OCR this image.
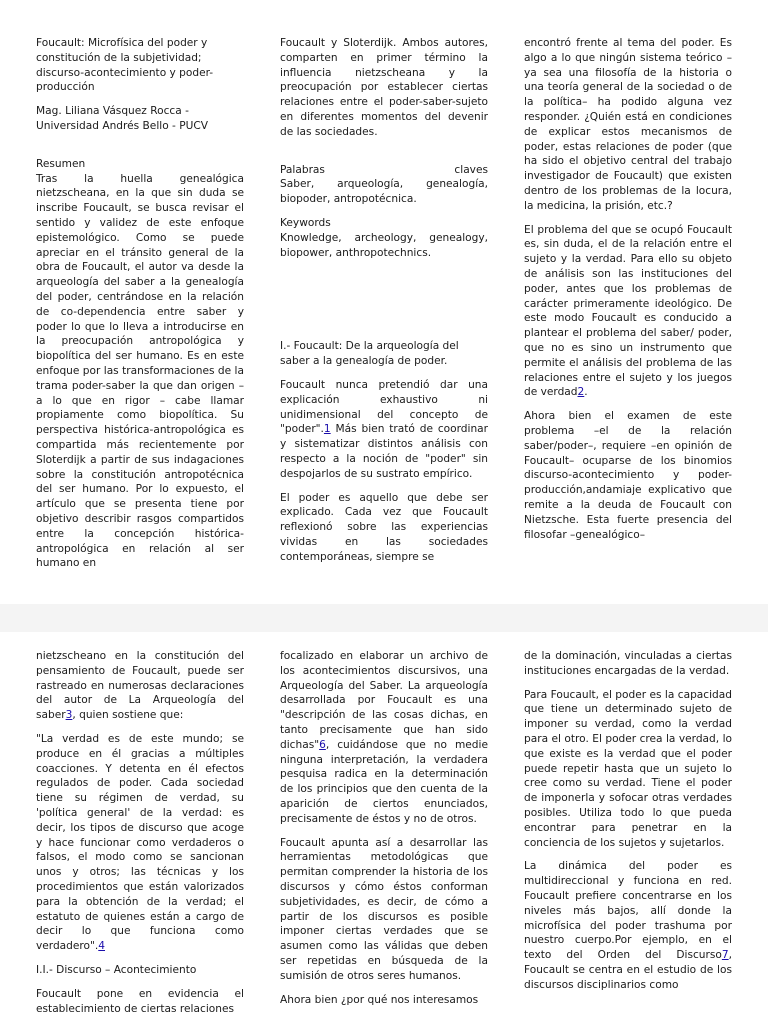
Foucault: Microfísica del poder y constitución de la subjetividad; discurso-acontecimiento y poder-producción

Mag. Liliana Vásquez Rocca - Universidad Andrés Bello - PUCV

Resumen

Tras la huella genealógica nietzscheana, en la que sin duda se inscribe Foucault, se busca revisar el sentido y validez de este enfoque epistemológico. Como se puede apreciar en el tránsito general de la obra de Foucault, el autor va desde la arqueología del saber a la genealogía del poder, centrándose en la relación de co-dependencia entre saber y poder lo que lo lleva a introducirse en la preocupación antropológica y biopolítica del ser humano. Es en este enfoque por las transformaciones de la trama poder-saber la que dan origen –a lo que en rigor – cabe llamar propiamente como biopolítica. Su perspectiva histórica-antropológica es compartida más recientemente por Sloterdijk a partir de sus indagaciones sobre la constitución antropotécnica del ser humano. Por lo expuesto, el artículo que se presenta tiene por objetivo describir rasgos compartidos entre la concepción histórica-antropológica en relación al ser humano en

Foucault y Sloterdijk. Ambos autores, comparten en primer término la influencia nietzscheana y la preocupación por establecer ciertas relaciones entre el poder-saber-sujeto en diferentes momentos del devenir de las sociedades.

Palabras claves

Saber, arqueología, genealogía, biopoder, antropotécnica.

Keywords

Knowledge, archeology, genealogy, biopower, anthropotechnics.

I.- Foucault: De la arqueología del saber a la genealogía de poder.

Foucault nunca pretendió dar una explicación exhaustivo ni unidimensional del concepto de "poder".1 Más bien trató de coordinar y sistematizar distintos análisis con respecto a la noción de "poder" sin despojarlos de su sustrato empírico.

El poder es aquello que debe ser explicado. Cada vez que Foucault reflexionó sobre las experiencias vividas en las sociedades contemporáneas, siempre se

encontró frente al tema del poder. Es algo a lo que ningún sistema teórico –ya sea una filosofía de la historia o una teoría general de la sociedad o de la política– ha podido alguna vez responder. ¿Quién está en condiciones de explicar estos mecanismos de poder, estas relaciones de poder (que ha sido el objetivo central del trabajo investigador de Foucault) que existen dentro de los problemas de la locura, la medicina, la prisión, etc.?

El problema del que se ocupó Foucault es, sin duda, el de la relación entre el sujeto y la verdad. Para ello su objeto de análisis son las instituciones del poder, antes que los problemas de carácter primeramente ideológico. De este modo Foucault es conducido a plantear el problema del saber/ poder, que no es sino un instrumento que permite el análisis del problema de las relaciones entre el sujeto y los juegos de verdad2.

Ahora bien el examen de este problema –el de la relación saber/poder–, requiere –en opinión de Foucault– ocuparse de los binomios discurso-acontecimiento y poder-producción,andamiaje explicativo que remite a la deuda de Foucault con Nietzsche. Esta fuerte presencia del filosofar –genealógico–

nietzscheano en la constitución del pensamiento de Foucault, puede ser rastreado en numerosas declaraciones del autor de La Arqueología del saber3, quien sostiene que:

"La verdad es de este mundo; se produce en él gracias a múltiples coacciones. Y detenta en él efectos regulados de poder. Cada sociedad tiene su régimen de verdad, su 'política general' de la verdad: es decir, los tipos de discurso que acoge y hace funcionar como verdaderos o falsos, el modo como se sancionan unos y otros; las técnicas y los procedimientos que están valorizados para la obtención de la verdad; el estatuto de quienes están a cargo de decir lo que funciona como verdadero".4

I.I.- Discurso – Acontecimiento

Foucault pone en evidencia el establecimiento de ciertas relaciones

focalizado en elaborar un archivo de los acontecimientos discursivos, una Arqueología del Saber. La arqueología desarrollada por Foucault es una "descripción de las cosas dichas, en tanto precisamente que han sido dichas"6, cuidándose que no medie ninguna interpretación, la verdadera pesquisa radica en la determinación de los principios que den cuenta de la aparición de ciertos enunciados, precisamente de éstos y no de otros.

Foucault apunta así a desarrollar las herramientas metodológicas que permitan comprender la historia de los discursos y cómo éstos conforman subjetividades, es decir, de cómo a partir de los discursos es posible imponer ciertas verdades que se asumen como las válidas que deben ser repetidas en búsqueda de la sumisión de otros seres humanos.

Ahora bien ¿por qué nos interesamos

de la dominación, vinculadas a ciertas instituciones encargadas de la verdad.

Para Foucault, el poder es la capacidad que tiene un determinado sujeto de imponer su verdad, como la verdad para el otro. El poder crea la verdad, lo que existe es la verdad que el poder puede repetir hasta que un sujeto lo cree como su verdad. Tiene el poder de imponerla y sofocar otras verdades posibles. Utiliza todo lo que pueda encontrar para penetrar en la conciencia de los sujetos y sujetarlos.

La dinámica del poder es multidireccional y funciona en red. Foucault prefiere concentrarse en los niveles más bajos, allí donde la microfísica del poder trashuma por nuestro cuerpo.Por ejemplo, en el texto del Orden del Discurso7, Foucault se centra en el estudio de los discursos disciplinarios como
